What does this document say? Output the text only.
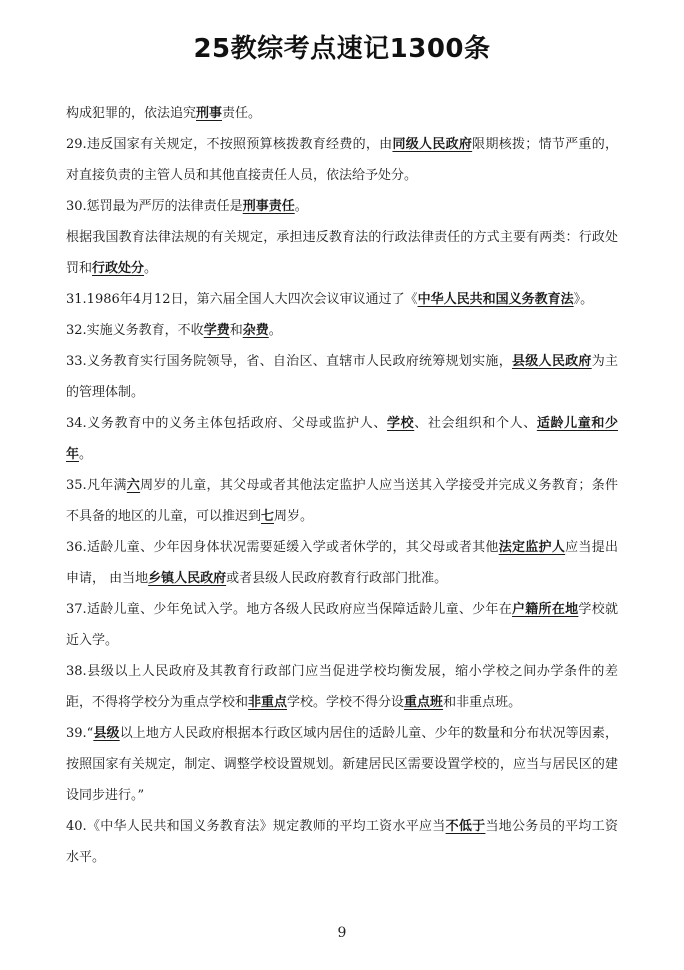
25教综考点速记1300条

构成犯罪的，依法追究刑事责任。

29.违反国家有关规定，不按照预算核拨教育经费的，由同级人民政府限期核拨；情节严重的，对直接负责的主管人员和其他直接责任人员，依法给予处分。

30.惩罚最为严厉的法律责任是刑事责任。

根据我国教育法律法规的有关规定，承担违反教育法的行政法律责任的方式主要有两类：行政处罚和行政处分。

31.1986年4月12日，第六届全国人大四次会议审议通过了《中华人民共和国义务教育法》。

32.实施义务教育，不收学费和杂费。

33.义务教育实行国务院领导，省、自治区、直辖市人民政府统筹规划实施，县级人民政府为主的管理体制。

34.义务教育中的义务主体包括政府、父母或监护人、学校、社会组织和个人、适龄儿童和少年。

35.凡年满六周岁的儿童，其父母或者其他法定监护人应当送其入学接受并完成义务教育；条件不具备的地区的儿童，可以推迟到七周岁。

36.适龄儿童、少年因身体状况需要延缓入学或者休学的，其父母或者其他法定监护人应当提出申请， 由当地乡镇人民政府或者县级人民政府教育行政部门批准。

37.适龄儿童、少年免试入学。地方各级人民政府应当保障适龄儿童、少年在户籍所在地学校就近入学。

38.县级以上人民政府及其教育行政部门应当促进学校均衡发展，缩小学校之间办学条件的差距，不得将学校分为重点学校和非重点学校。学校不得分设重点班和非重点班。

39.“县级以上地方人民政府根据本行政区域内居住的适龄儿童、少年的数量和分布状况等因素，按照国家有关规定，制定、调整学校设置规划。新建居民区需要设置学校的，应当与居民区的建设同步进行。”

40.《中华人民共和国义务教育法》规定教师的平均工资水平应当不低于当地公务员的平均工资水平。

9
